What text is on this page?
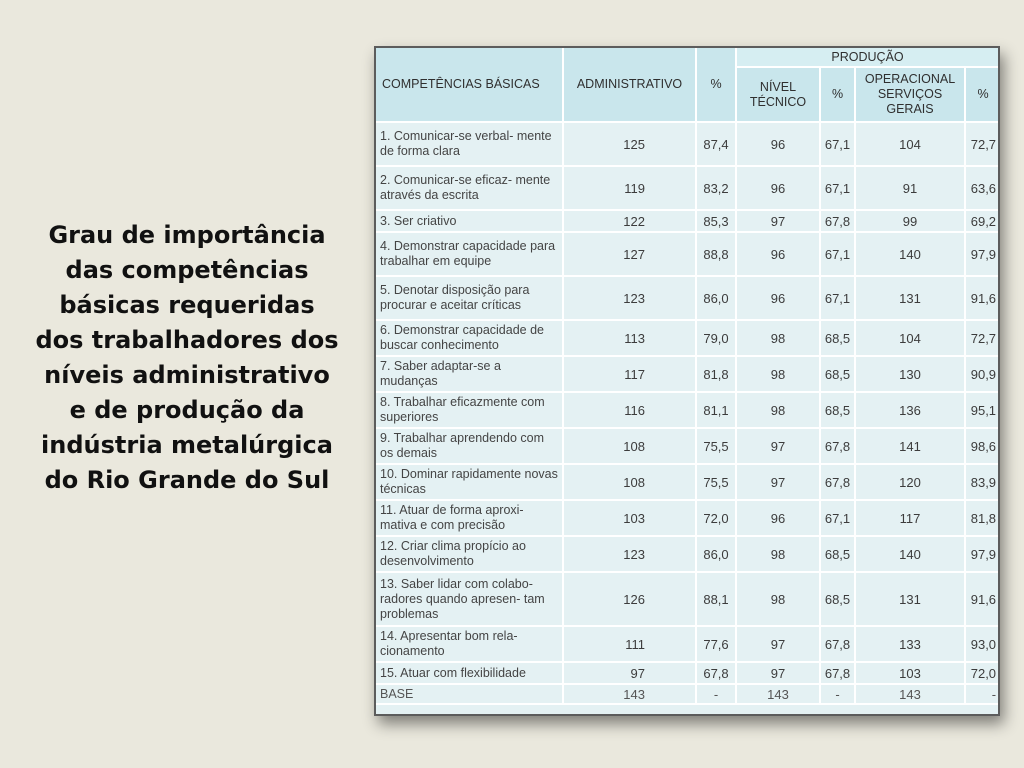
Grau de importância
das competências
básicas requeridas
dos trabalhadores dos
níveis administrativo
e de produção da
indústria metalúrgica
do Rio Grande do Sul
COMPETÊNCIAS BÁSICAS	ADMINISTRATIVO	%	PRODUÇÃO			
			NÍVEL TÉCNICO	%	OPERACIONAL SERVIÇOS GERAIS	%
1. Comunicar-se verbal- mente de forma clara	125	87,4	96	67,1	104	72,7
2. Comunicar-se eficaz- mente através da escrita	119	83,2	96	67,1	91	63,6
3. Ser criativo	122	85,3	97	67,8	99	69,2
4. Demonstrar capacidade para trabalhar em equipe	127	88,8	96	67,1	140	97,9
5. Denotar disposição para procurar e aceitar críticas	123	86,0	96	67,1	131	91,6
6. Demonstrar capacidade de buscar conhecimento	113	79,0	98	68,5	104	72,7
7. Saber adaptar-se a mudanças	117	81,8	98	68,5	130	90,9
8. Trabalhar eficazmente com superiores	116	81,1	98	68,5	136	95,1
9. Trabalhar aprendendo com os demais	108	75,5	97	67,8	141	98,6
10. Dominar rapidamente novas técnicas	108	75,5	97	67,8	120	83,9
11. Atuar de forma aproxi- mativa e com precisão	103	72,0	96	67,1	117	81,8
12. Criar clima propício ao desenvolvimento	123	86,0	98	68,5	140	97,9
13. Saber lidar com colabo- radores quando apresen- tam problemas	126	88,1	98	68,5	131	91,6
14. Apresentar bom rela- cionamento	111	77,6	97	67,8	133	93,0
15. Atuar com flexibilidade	97	67,8	97	67,8	103	72,0
BASE	143	-	143	-	143	-
